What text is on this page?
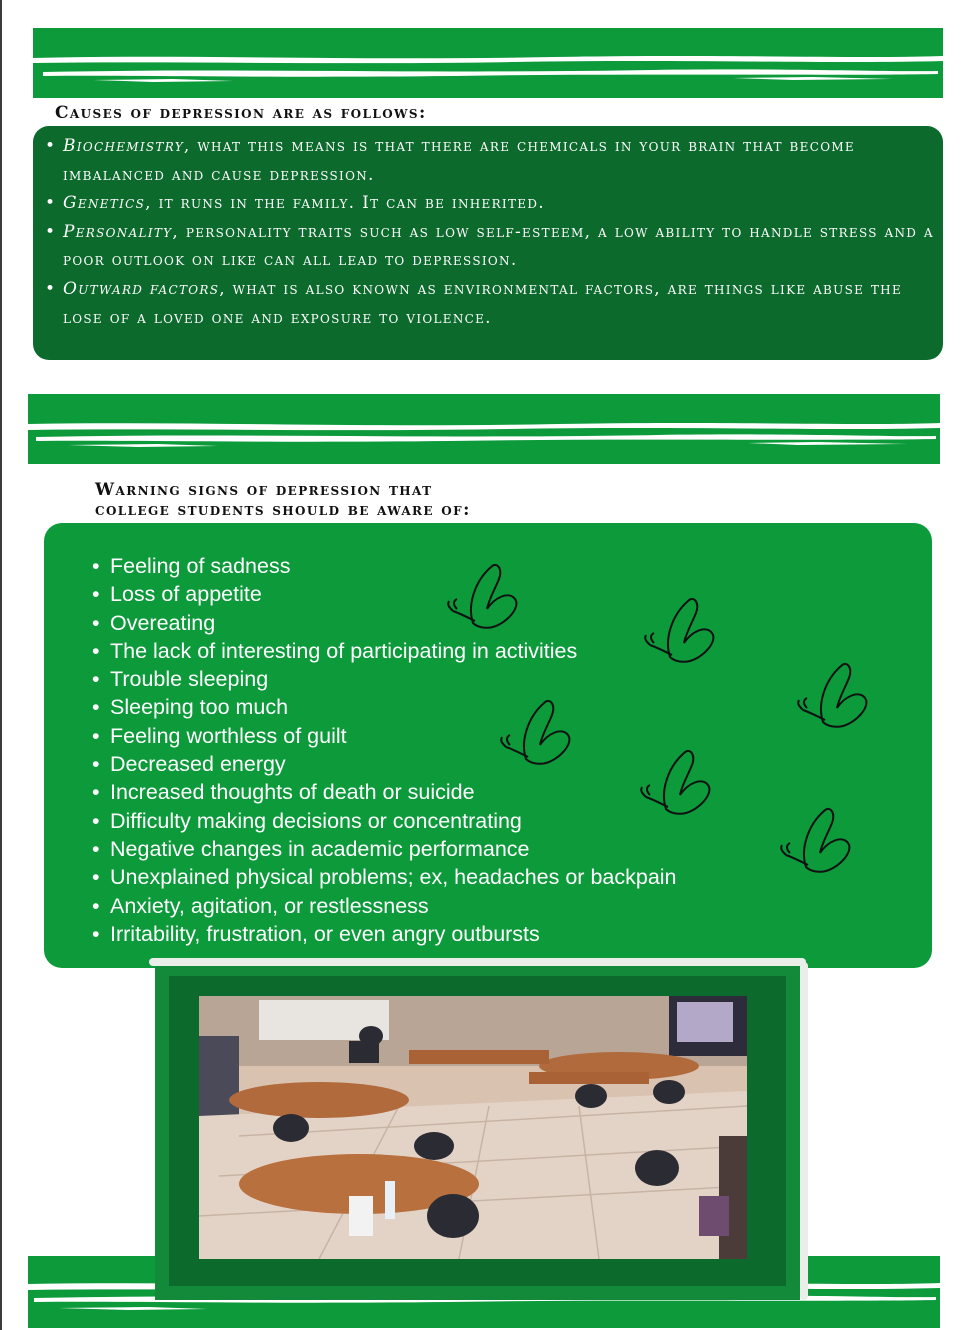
Causes of depression are as follows:
• Biochemistry, what this means is that there are chemicals in your brain that become imbalanced and cause depression.
• Genetics, it runs in the family. It can be inherited.
• Personality, personality traits such as low self-esteem, a low ability to handle stress and a poor outlook on like can all lead to depression.
• Outward factors, what is also known as environmental factors, are things like abuse the lose of a loved one and exposure to violence.
Warning signs of depression that
college students should be aware of:
• Feeling of sadness
• Loss of appetite
• Overeating
• The lack of interesting of participating in activities
• Trouble sleeping
• Sleeping too much
• Feeling worthless of guilt
• Decreased energy
• Increased thoughts of death or suicide
• Difficulty making decisions or concentrating
• Negative changes in academic performance
• Unexplained physical problems; ex, headaches or backpain
• Anxiety, agitation, or restlessness
• Irritability, frustration, or even angry outbursts
